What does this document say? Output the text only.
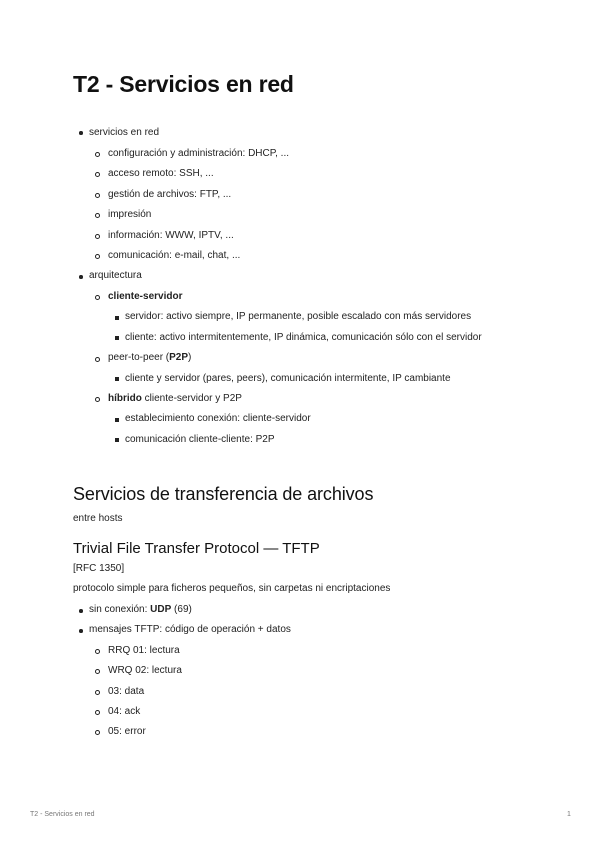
T2 - Servicios en red
servicios en red
configuración y administración: DHCP, ...
acceso remoto: SSH, ...
gestión de archivos: FTP, ...
impresión
información: WWW, IPTV, ...
comunicación: e-mail, chat, ...
arquitectura
cliente-servidor
servidor: activo siempre, IP permanente, posible escalado con más servidores
cliente: activo intermitentemente, IP dinámica, comunicación sólo con el servidor
peer-to-peer (P2P)
cliente y servidor (pares, peers), comunicación intermitente, IP cambiante
híbrido cliente-servidor y P2P
establecimiento conexión: cliente-servidor
comunicación cliente-cliente: P2P
Servicios de transferencia de archivos
entre hosts
Trivial File Transfer Protocol — TFTP
[RFC 1350]
protocolo simple para ficheros pequeños, sin carpetas ni encriptaciones
sin conexión: UDP (69)
mensajes TFTP: código de operación + datos
RRQ 01: lectura
WRQ 02: lectura
03: data
04: ack
05: error
T2 - Servicios en red	1
